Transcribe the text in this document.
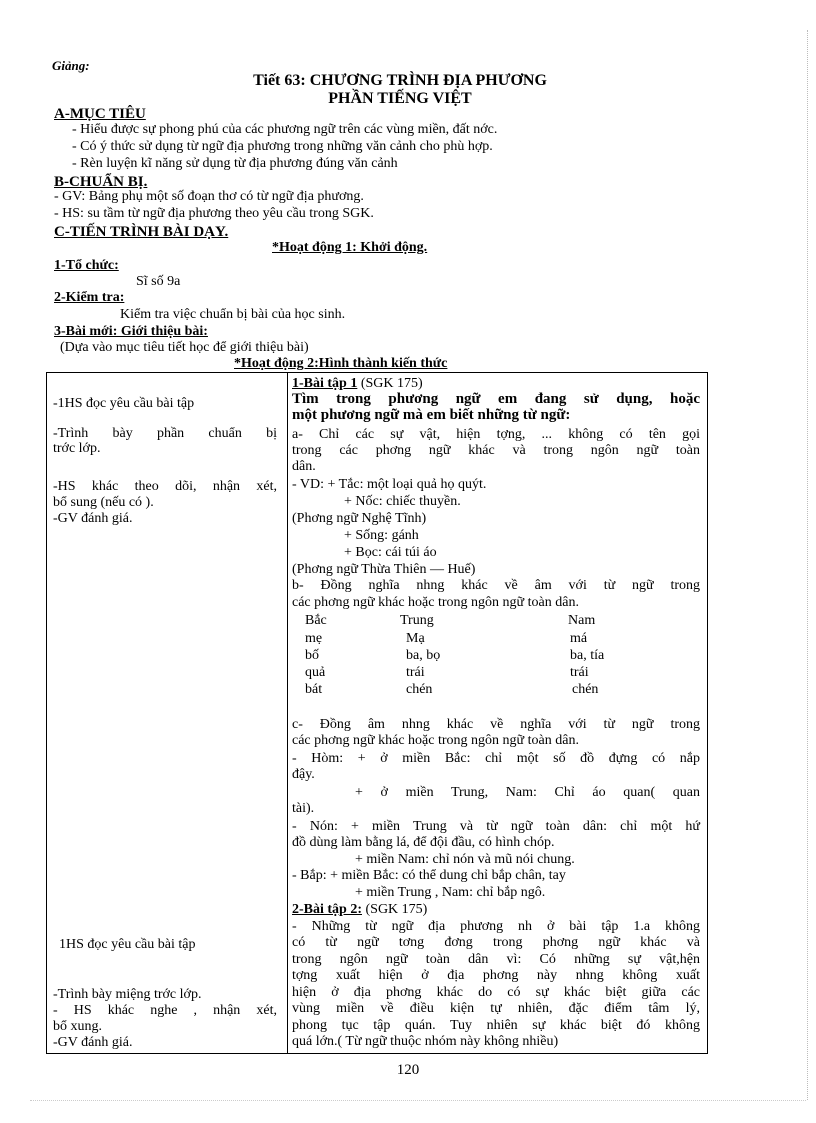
Giảng:
Tiết 63: CHƯƠNG TRÌNH ĐỊA PHƯƠNG
PHẦN TIẾNG VIỆT
A-MỤC TIÊU
- Hiểu được sự phong phú của các phương ngữ trên các vùng miền, đất nớc.
- Có ý thức sử dụng từ ngữ địa phương trong những văn cảnh cho phù hợp.
- Rèn luyện kĩ năng sử dụng từ địa phương đúng văn cảnh
B-CHUẨN BỊ.
- GV: Bảng phụ một số đoạn thơ có từ ngữ địa phương.
- HS: su tầm từ ngữ địa phương theo yêu cầu trong SGK.
C-TIẾN TRÌNH BÀI DẠY.
*Hoạt động 1: Khởi động.
1-Tổ chức:
Sĩ số 9a
2-Kiểm tra:
Kiểm tra việc chuẩn bị bài của học sinh.
3-Bài mới: Giới thiệu bài:
(Dựa vào mục tiêu tiết học để giới thiệu bài)
*Hoạt động 2:Hình thành kiến thức
-1HS đọc yêu cầu bài tập
-Trình bày phần chuẩn bị
trớc lớp.
-HS khác theo dõi, nhận xét,
bổ sung (nếu có ).
-GV đánh giá.
1HS đọc yêu cầu bài tập
-Trình bày miệng trớc lớp.
- HS khác nghe , nhận xét,
bổ xung.
-GV đánh giá.
1-Bài tập 1 (SGK 175)
Tìm trong phương ngữ em đang sử dụng, hoặc
một phương ngữ mà em biết những từ ngữ:
a- Chỉ các sự vật, hiện tợng, ... không có tên gọi
trong các phơng ngữ khác và trong ngôn ngữ toàn
dân.
- VD: + Tắc: một loại quả họ quýt.
+ Nốc: chiếc thuyền.
(Phơng ngữ Nghệ Tĩnh)
+ Sống: gánh
+ Bọc: cái túi áo
(Phơng ngữ Thừa Thiên — Huế)
b- Đồng nghĩa nhng khác về âm với từ ngữ trong
các phơng ngữ khác hoặc trong ngôn ngữ toàn dân.
Bắc	Trung	Nam
mẹ	Mạ	má
bố	ba, bọ	ba, tía
quả	trái	trái
bát	chén	chén
c- Đồng âm nhng khác về nghĩa với từ ngữ trong
các phơng ngữ khác hoặc trong ngôn ngữ toàn dân.
- Hòm: + ở miền Bắc: chỉ một số đồ đựng có nắp
đậy.
+ ở miền Trung, Nam: Chỉ áo quan( quan
tài).
- Nón: + miền Trung và từ ngữ toàn dân: chỉ một hứ
đồ dùng làm bằng lá, để đội đầu, có hình chóp.
+ miền Nam: chỉ nón và mũ nói chung.
- Bắp: + miền Bắc: có thể dung chỉ bắp chân, tay
+ miền Trung , Nam: chỉ bắp ngô.
2-Bài tập 2: (SGK 175)
- Những từ ngữ địa phương nh ở bài tập 1.a không
có từ ngữ tơng đơng trong phơng ngữ khác và
trong ngôn ngữ toàn dân vì: Có những sự vật,hện
tợng xuất hiện ở địa phơng này nhng không xuất
hiện ở địa phơng khác do có sự khác biệt giữa các
vùng miền về điều kiện tự nhiên, đặc điểm tâm lý,
phong tục tập quán. Tuy nhiên sự khác biệt đó không
quá lớn.( Từ ngữ thuộc nhóm này không nhiều)
120
